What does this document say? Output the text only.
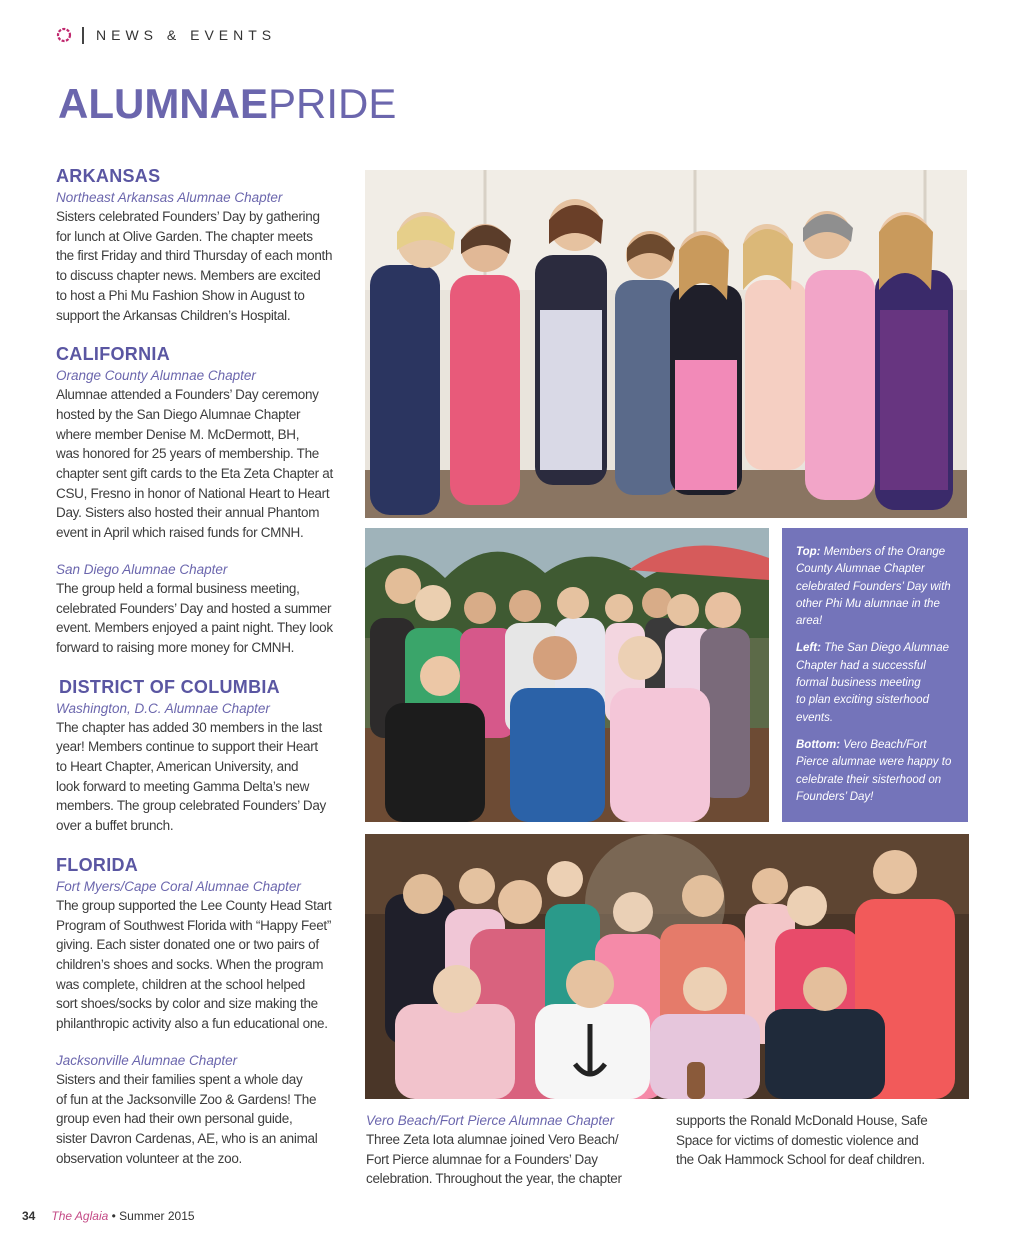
NEWS & EVENTS
ALUMNAEPRIDE

ARKANSAS

Northeast Arkansas Alumnae Chapter

Sisters celebrated Founders’ Day by gathering
for lunch at Olive Garden. The chapter meets
the first Friday and third Thursday of each month
to discuss chapter news. Members are excited
to host a Phi Mu Fashion Show in August to
support the Arkansas Children’s Hospital.

CALIFORNIA

Orange County Alumnae Chapter

Alumnae attended a Founders’ Day ceremony
hosted by the San Diego Alumnae Chapter
where member Denise M. McDermott, BH,
was honored for 25 years of membership. The
chapter sent gift cards to the Eta Zeta Chapter at
CSU, Fresno in honor of National Heart to Heart
Day. Sisters also hosted their annual Phantom
event in April which raised funds for CMNH.

San Diego Alumnae Chapter

The group held a formal business meeting,
celebrated Founders’ Day and hosted a summer
event. Members enjoyed a paint night. They look
forward to raising more money for CMNH.

DISTRICT OF COLUMBIA

Washington, D.C. Alumnae Chapter

The chapter has added 30 members in the last
year! Members continue to support their Heart
to Heart Chapter, American University, and
look forward to meeting Gamma Delta’s new
members. The group celebrated Founders’ Day
over a buffet brunch.

FLORIDA

Fort Myers/Cape Coral Alumnae Chapter

The group supported the Lee County Head Start
Program of Southwest Florida with “Happy Feet”
giving. Each sister donated one or two pairs of
children’s shoes and socks. When the program
was complete, children at the school helped
sort shoes/socks by color and size making the
philanthropic activity also a fun educational one.

Jacksonville Alumnae Chapter

Sisters and their families spent a whole day
of fun at the Jacksonville Zoo & Gardens! The
group even had their own personal guide,
sister Davron Cardenas, AE, who is an animal
observation volunteer at the zoo.

Top: Members of the Orange
County Alumnae Chapter
celebrated Founders’ Day with
other Phi Mu alumnae in the
area!

Left: The San Diego Alumnae
Chapter had a successful
formal business meeting
to plan exciting sisterhood
events.

Bottom: Vero Beach/Fort
Pierce alumnae were happy to
celebrate their sisterhood on
Founders’ Day!

Vero Beach/Fort Pierce Alumnae Chapter

Three Zeta Iota alumnae joined Vero Beach/
Fort Pierce alumnae for a Founders’ Day
celebration. Throughout the year, the chapter
supports the Ronald McDonald House, Safe
Space for victims of domestic violence and
the Oak Hammock School for deaf children.
34 The Aglaia • Summer 2015
